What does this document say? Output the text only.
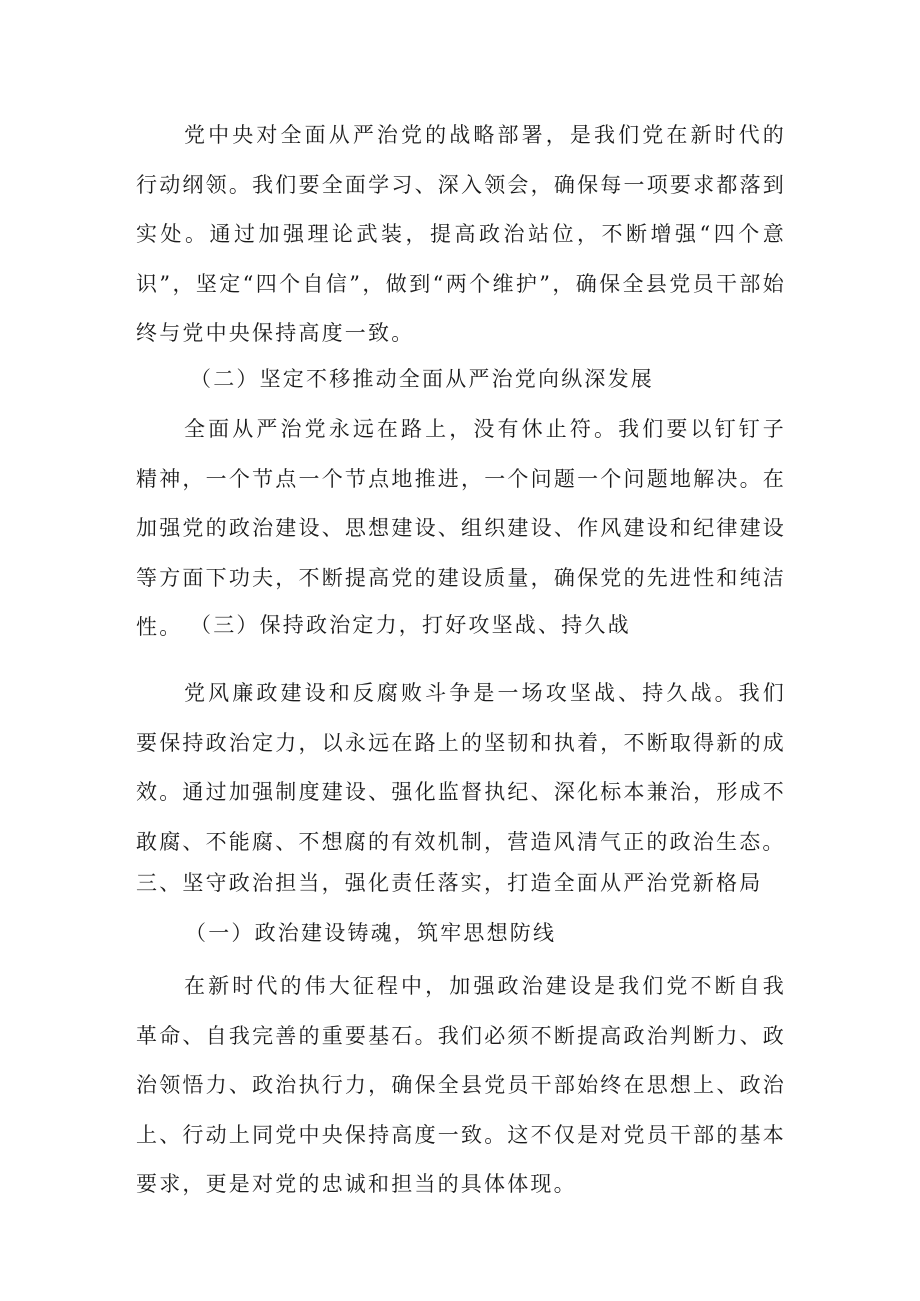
党中央对全面从严治党的战略部署，是我们党在新时代的行动纲领。我们要全面学习、深入领会，确保每一项要求都落到实处。通过加强理论武装，提高政治站位，不断增强“四个意识”，坚定“四个自信”，做到“两个维护”，确保全县党员干部始终与党中央保持高度一致。

（二）坚定不移推动全面从严治党向纵深发展

全面从严治党永远在路上，没有休止符。我们要以钉钉子精神，一个节点一个节点地推进，一个问题一个问题地解决。在加强党的政治建设、思想建设、组织建设、作风建设和纪律建设等方面下功夫，不断提高党的建设质量，确保党的先进性和纯洁性。 （三）保持政治定力，打好攻坚战、持久战

党风廉政建设和反腐败斗争是一场攻坚战、持久战。我们要保持政治定力，以永远在路上的坚韧和执着，不断取得新的成效。通过加强制度建设、强化监督执纪、深化标本兼治，形成不敢腐、不能腐、不想腐的有效机制，营造风清气正的政治生态。

三、坚守政治担当，强化责任落实，打造全面从严治党新格局

（一）政治建设铸魂，筑牢思想防线

在新时代的伟大征程中，加强政治建设是我们党不断自我革命、自我完善的重要基石。我们必须不断提高政治判断力、政治领悟力、政治执行力，确保全县党员干部始终在思想上、政治上、行动上同党中央保持高度一致。这不仅是对党员干部的基本要求，更是对党的忠诚和担当的具体体现。
